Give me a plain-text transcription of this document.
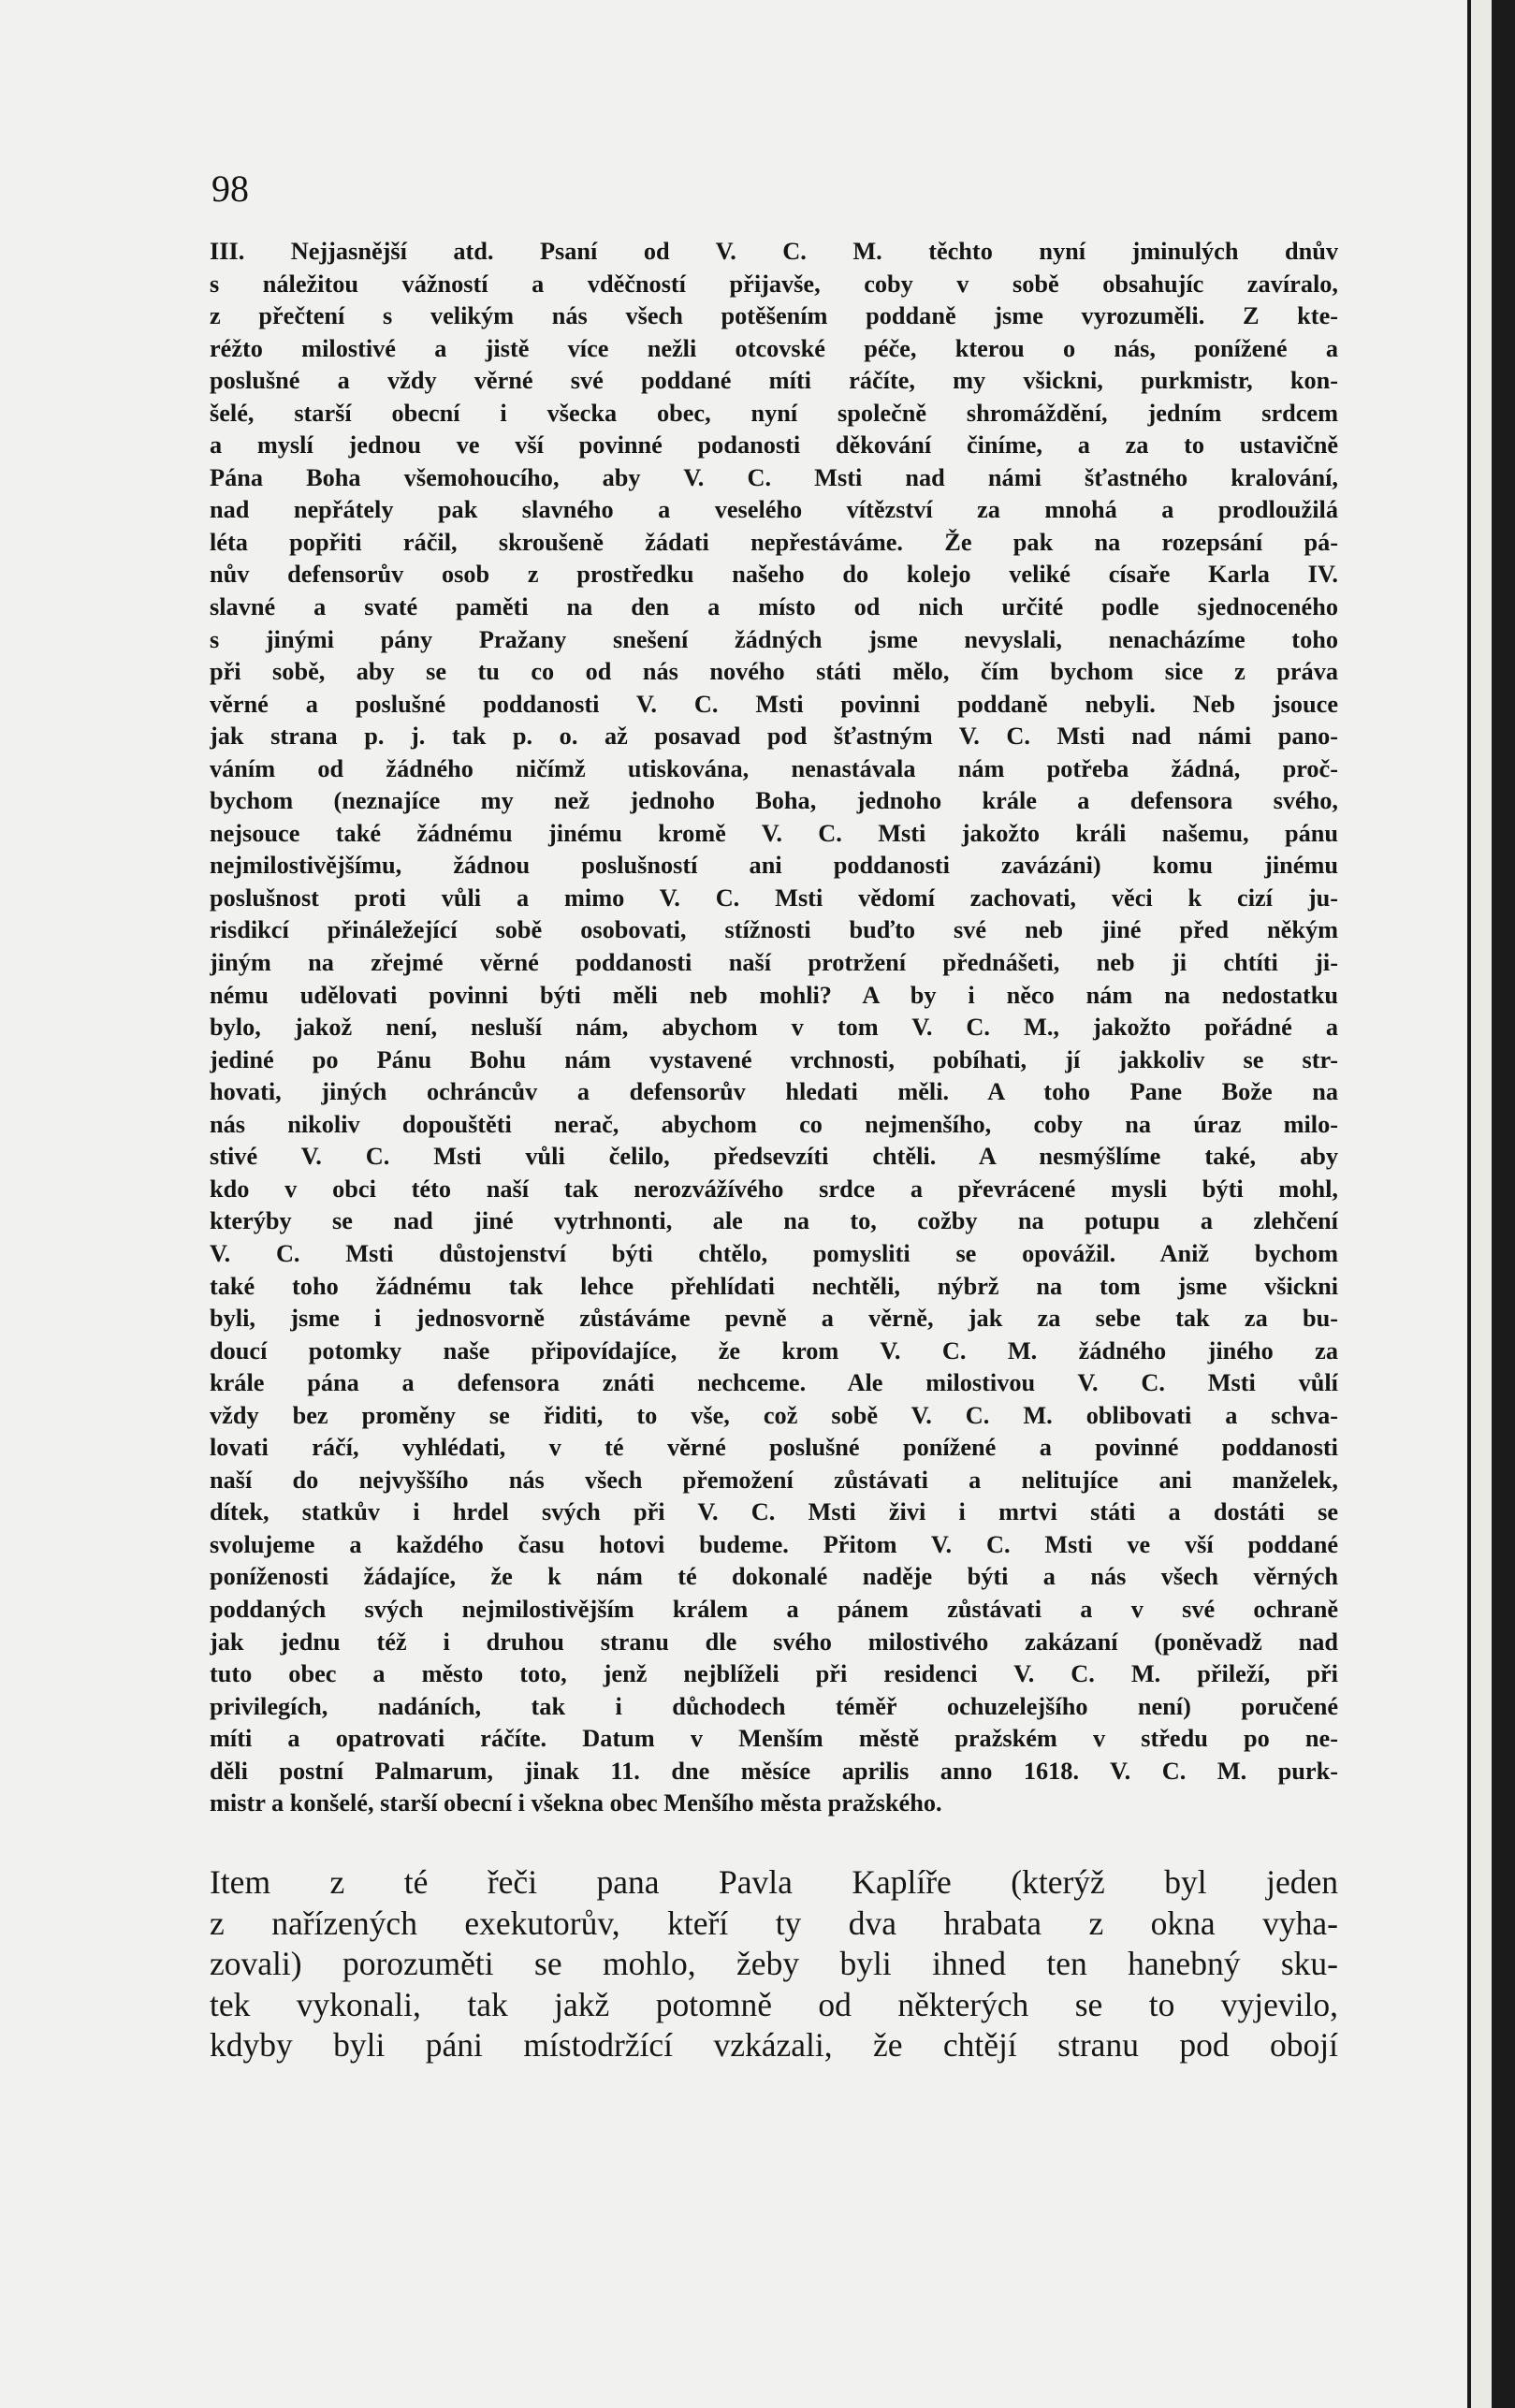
98
III. Nejjasnější atd. Psaní od V. C. M. těchto nyní jminulých dnův
s náležitou vážností a vděčností přijavše, coby v sobě obsahujíc zavíralo,
z přečtení s velikým nás všech potěšením poddaně jsme vyrozuměli. Z kte-
réžto milostivé a jistě více nežli otcovské péče, kterou o nás, ponížené a
poslušné a vždy věrné své poddané míti ráčíte, my všickni, purkmistr, kon-
šelé, starší obecní i všecka obec, nyní společně shromáždění, jedním srdcem
a myslí jednou ve vší povinné podanosti děkování činíme, a za to ustavičně
Pána Boha všemohoucího, aby V. C. Msti nad námi šťastného kralování,
nad nepřátely pak slavného a veselého vítězství za mnohá a prodloužilá
léta popřiti ráčil, skroušeně žádati nepřestáváme. Že pak na rozepsání pá-
nův defensorův osob z prostředku našeho do kolejo veliké císaře Karla IV.
slavné a svaté paměti na den a místo od nich určité podle sjednoceného
s jinými pány Pražany snešení žádných jsme nevyslali, nenacházíme toho
při sobě, aby se tu co od nás nového státi mělo, čím bychom sice z práva
věrné a poslušné poddanosti V. C. Msti povinni poddaně nebyli. Neb jsouce
jak strana p. j. tak p. o. až posavad pod šťastným V. C. Msti nad námi pano-
váním od žádného ničímž utiskována, nenastávala nám potřeba žádná, proč-
bychom (neznajíce my než jednoho Boha, jednoho krále a defensora svého,
nejsouce také žádnému jinému kromě V. C. Msti jakožto králi našemu, pánu
nejmilostivějšímu, žádnou poslušností ani poddanosti zavázáni) komu jinému
poslušnost proti vůli a mimo V. C. Msti vědomí zachovati, věci k cizí ju-
risdikcí přináležející sobě osobovati, stížnosti buďto své neb jiné před někým
jiným na zřejmé věrné poddanosti naší protržení přednášeti, neb ji chtíti ji-
nému udělovati povinni býti měli neb mohli? A by i něco nám na nedostatku
bylo, jakož není, nesluší nám, abychom v tom V. C. M., jakožto pořádné a
jediné po Pánu Bohu nám vystavené vrchnosti, pobíhati, jí jakkoliv se str-
hovati, jiných ochráncův a defensorův hledati měli. A toho Pane Bože na
nás nikoliv dopouštěti nerač, abychom co nejmenšího, coby na úraz milo-
stivé V. C. Msti vůli čelilo, předsevzíti chtěli. A nesmýšlíme také, aby
kdo v obci této naší tak nerozvážívého srdce a převrácené mysli býti mohl,
kterýby se nad jiné vytrhnonti, ale na to, cožby na potupu a zlehčení
V. C. Msti důstojenství býti chtělo, pomysliti se opovážil. Aniž bychom
také toho žádnému tak lehce přehlídati nechtěli, nýbrž na tom jsme všickni
byli, jsme i jednosvorně zůstáváme pevně a věrně, jak za sebe tak za bu-
doucí potomky naše připovídajíce, že krom V. C. M. žádného jiného za
krále pána a defensora znáti nechceme. Ale milostivou V. C. Msti vůlí
vždy bez proměny se řiditi, to vše, což sobě V. C. M. oblibovati a schva-
lovati ráčí, vyhlédati, v té věrné poslušné ponížené a povinné poddanosti
naší do nejvyššího nás všech přemožení zůstávati a nelitujíce ani manželek,
dítek, statkův i hrdel svých při V. C. Msti živi i mrtvi státi a dostáti se
svolujeme a každého času hotovi budeme. Přitom V. C. Msti ve vší poddané
poníženosti žádajíce, že k nám té dokonalé naděje býti a nás všech věrných
poddaných svých nejmilostivějším králem a pánem zůstávati a v své ochraně
jak jednu též i druhou stranu dle svého milostivého zakázaní (poněvadž nad
tuto obec a město toto, jenž nejblíželi při residenci V. C. M. přileží, při
privilegích, nadáních, tak i důchodech téměř ochuzelejšího není) poručené
míti a opatrovati ráčíte. Datum v Menším městě pražském v středu po ne-
děli postní Palmarum, jinak 11. dne měsíce aprilis anno 1618. V. C. M. purk-
mistr a konšelé, starší obecní i všekna obec Menšího města pražského.
Item z té řeči pana Pavla Kaplíře (kterýž byl jeden
z nařízených exekutorův, kteří ty dva hrabata z okna vyha-
zovali) porozuměti se mohlo, žeby byli ihned ten hanebný sku-
tek vykonali, tak jakž potomně od některých se to vyjevilo,
kdyby byli páni místodržící vzkázali, že chtějí stranu pod obojí
